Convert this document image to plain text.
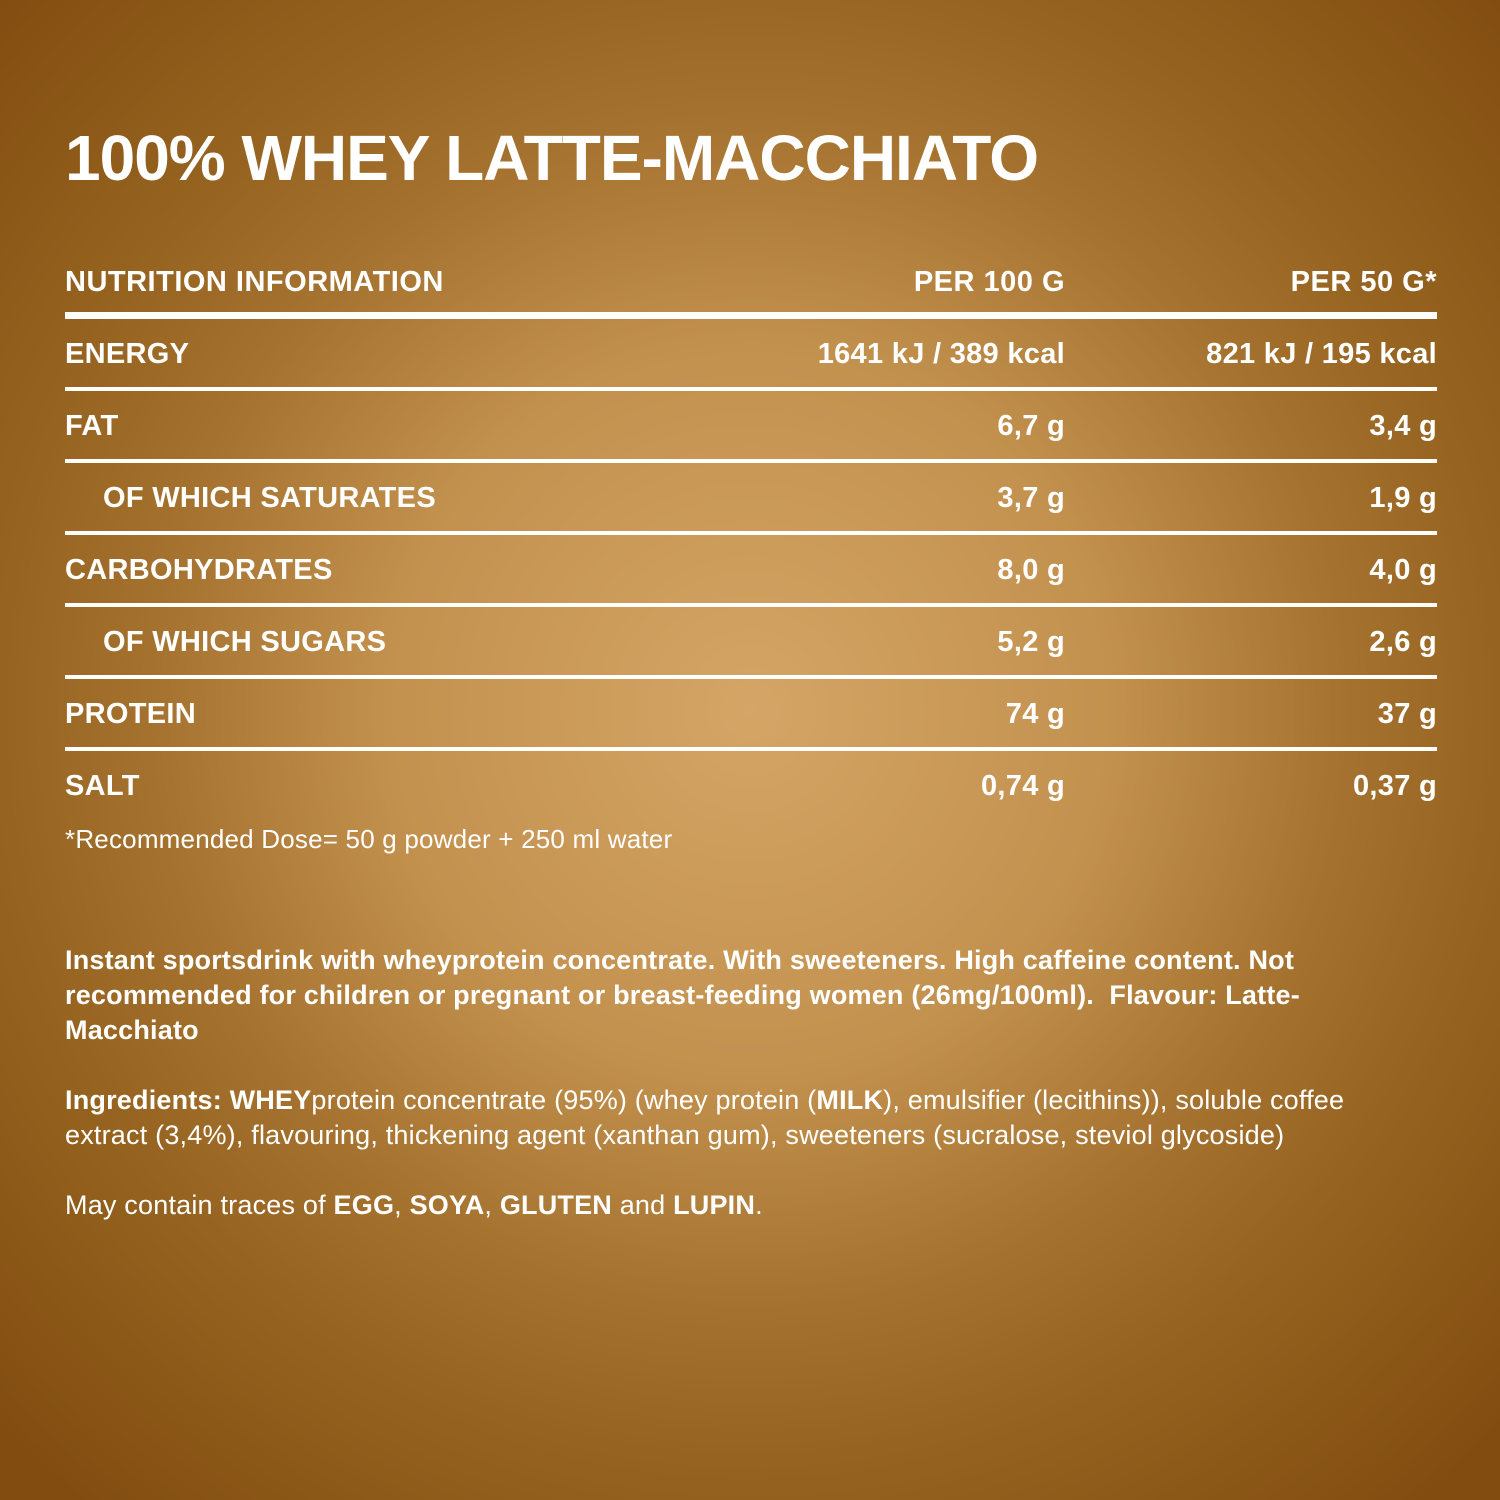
100% WHEY LATTE-MACCHIATO
NUTRITION INFORMATION	PER 100 G	PER 50 G*
ENERGY	1641 kJ / 389 kcal	821 kJ / 195 kcal
FAT	6,7 g	3,4 g
OF WHICH SATURATES	3,7 g	1,9 g
CARBOHYDRATES	8,0 g	4,0 g
OF WHICH SUGARS	5,2 g	2,6 g
PROTEIN	74 g	37 g
SALT	0,74 g	0,37 g
*Recommended Dose= 50 g powder + 250 ml water

Instant sportsdrink with wheyprotein concentrate. With sweeteners. High caffeine content. Not recommended for children or pregnant or breast-feeding women (26mg/100ml).  Flavour: Latte-Macchiato

Ingredients: WHEYprotein concentrate (95%) (whey protein (MILK), emulsifier (lecithins)), soluble coffee extract (3,4%), flavouring, thickening agent (xanthan gum), sweeteners (sucralose, steviol glycoside)

May contain traces of EGG, SOYA, GLUTEN and LUPIN.
